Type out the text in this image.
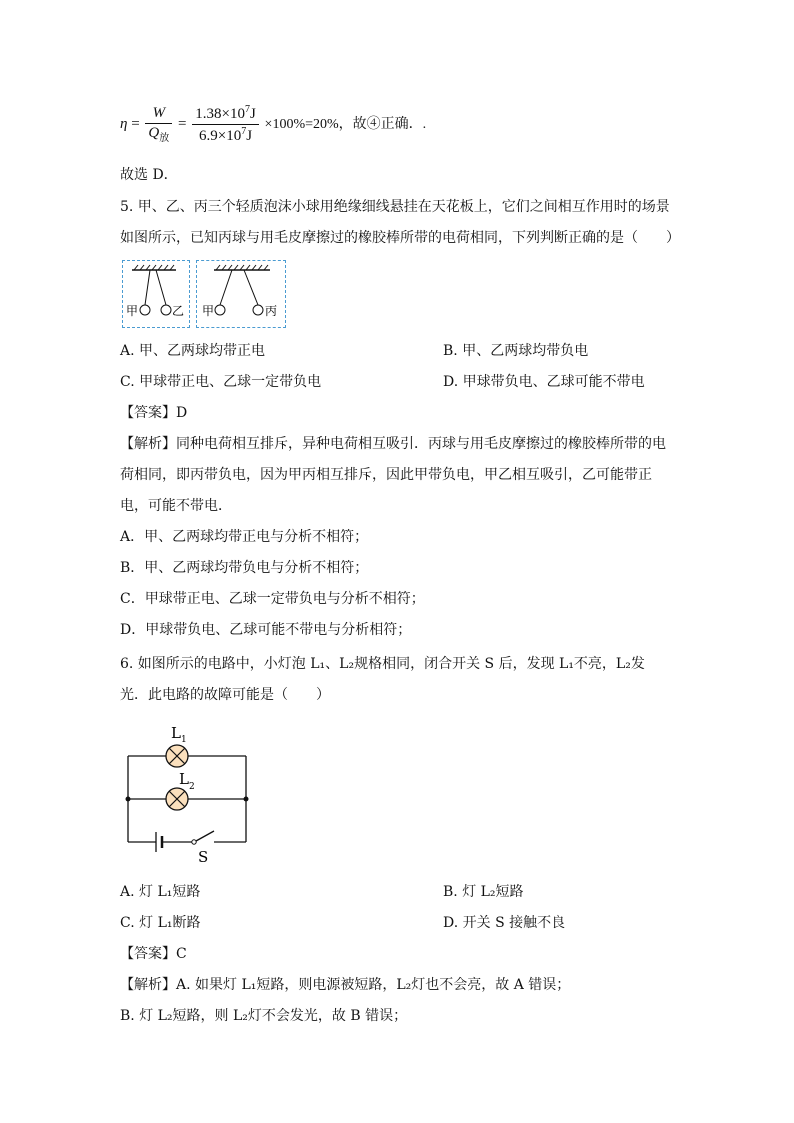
$\eta = \frac{W}{Q_放} = \frac{1.38\times 10^7J}{6.9\times 10^7J} \times 100\%=20\%$，故④正确．.
故选 D．
5. 甲、乙、丙三个轻质泡沫小球用绝缘细线悬挂在天花板上，它们之间相互作用时的场景
如图所示，已知丙球与用毛皮摩擦过的橡胶棒所带的电荷相同，下列判断正确的是（　　）
甲	乙 甲	丙
A. 甲、乙两球均带正电	B. 甲、乙两球均带负电
C. 甲球带正电、乙球一定带负电	D. 甲球带负电、乙球可能不带电
【答案】D
【解析】同种电荷相互排斥，异种电荷相互吸引．丙球与用毛皮摩擦过的橡胶棒所带的电
荷相同，即丙带负电，因为甲丙相互排斥，因此甲带负电，甲乙相互吸引，乙可能带正
电，可能不带电．
A．甲、乙两球均带正电与分析不相符；
B．甲、乙两球均带负电与分析不相符；
C．甲球带正电、乙球一定带负电与分析不相符；
D．甲球带负电、乙球可能不带电与分析相符；
6. 如图所示的电路中，小灯泡 L₁、L₂规格相同，闭合开关 S 后，发现 L₁不亮，L₂发
光．此电路的故障可能是（　　）
L 1
L 2
S
A. 灯 L₁短路	B. 灯 L₂短路
C. 灯 L₁断路	D. 开关 S 接触不良
【答案】C
【解析】A. 如果灯 L₁短路，则电源被短路，L₂灯也不会亮，故 A 错误；
B. 灯 L₂短路，则 L₂灯不会发光，故 B 错误；
